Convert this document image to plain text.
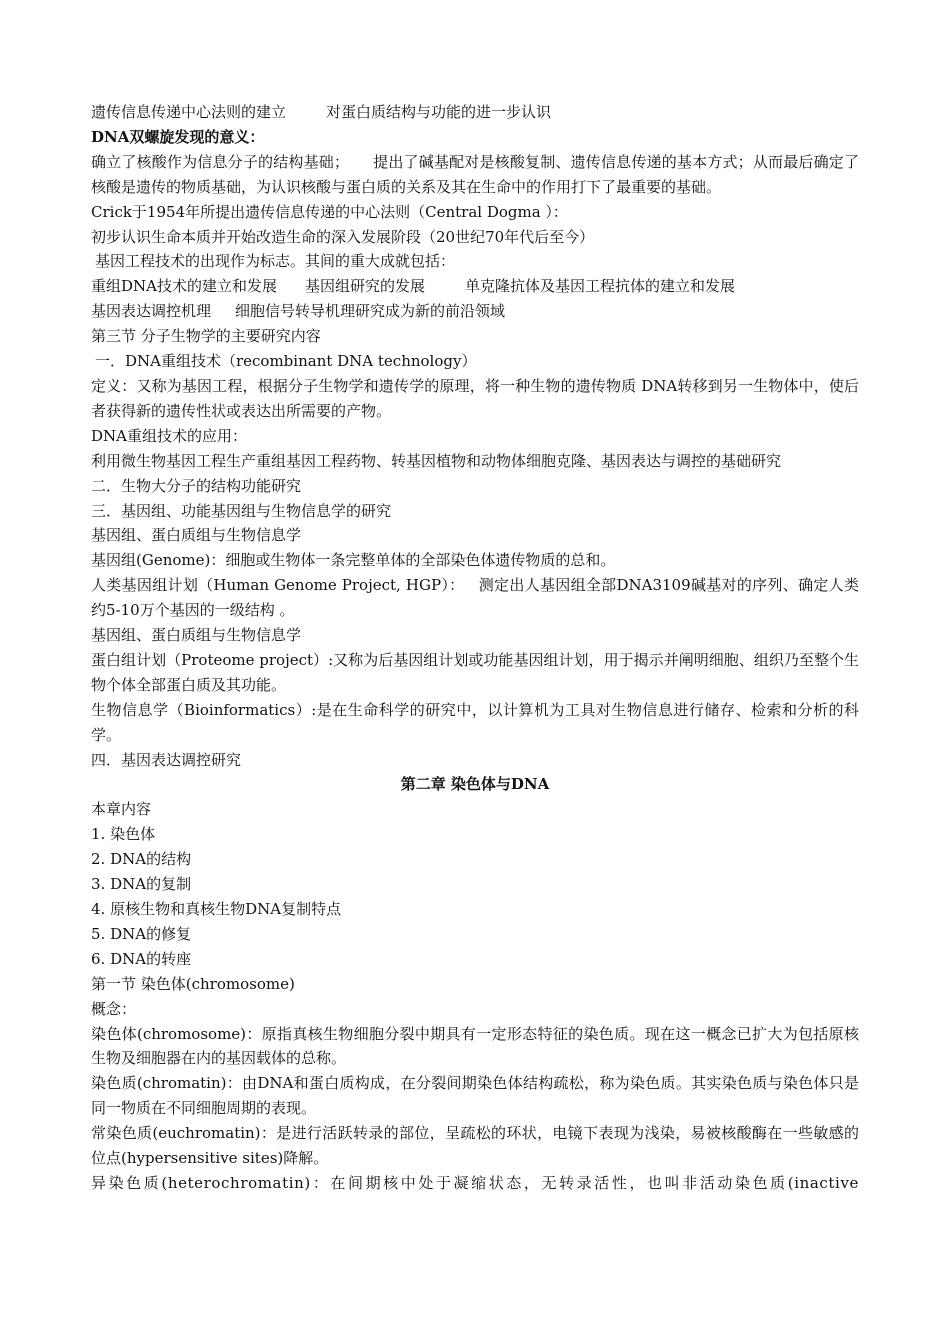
遗传信息传递中心法则的建立	对蛋白质结构与功能的进一步认识

DNA双螺旋发现的意义：

确立了核酸作为信息分子的结构基础； 提出了碱基配对是核酸复制、遗传信息传递的基本方式；从而最后确定了核酸是遗传的物质基础，为认识核酸与蛋白质的关系及其在生命中的作用打下了最重要的基础。

Crick于1954年所提出遗传信息传递的中心法则（Central Dogma ）：

初步认识生命本质并开始改造生命的深入发展阶段（20世纪70年代后至今）

基因工程技术的出现作为标志。其间的重大成就包括：

重组DNA技术的建立和发展 基因组研究的发展	单克隆抗体及基因工程抗体的建立和发展

基因表达调控机理 细胞信号转导机理研究成为新的前沿领域

第三节 分子生物学的主要研究内容

一．DNA重组技术（recombinant DNA technology）

定义：又称为基因工程，根据分子生物学和遗传学的原理，将一种生物的遗传物质 DNA转移到另一生物体中，使后者获得新的遗传性状或表达出所需要的产物。

DNA重组技术的应用：

利用微生物基因工程生产重组基因工程药物、转基因植物和动物体细胞克隆、基因表达与调控的基础研究

二．生物大分子的结构功能研究

三．基因组、功能基因组与生物信息学的研究

基因组、蛋白质组与生物信息学

基因组(Genome)：细胞或生物体一条完整单体的全部染色体遗传物质的总和。

人类基因组计划（Human Genome Project, HGP）： 测定出人基因组全部DNA3109碱基对的序列、确定人类约5-10万个基因的一级结构 。

基因组、蛋白质组与生物信息学

蛋白组计划（Proteome project）:又称为后基因组计划或功能基因组计划，用于揭示并阐明细胞、组织乃至整个生物个体全部蛋白质及其功能。

生物信息学（Bioinformatics）:是在生命科学的研究中，以计算机为工具对生物信息进行储存、检索和分析的科学。

四．基因表达调控研究

第二章 染色体与DNA

本章内容

1. 染色体

2. DNA的结构

3. DNA的复制

4. 原核生物和真核生物DNA复制特点

5. DNA的修复

6. DNA的转座

第一节 染色体(chromosome)

概念：

染色体(chromosome)：原指真核生物细胞分裂中期具有一定形态特征的染色质。现在这一概念已扩大为包括原核生物及细胞器在内的基因载体的总称。

染色质(chromatin)：由DNA和蛋白质构成，在分裂间期染色体结构疏松，称为染色质。其实染色质与染色体只是同一物质在不同细胞周期的表现。

常染色质(euchromatin)：是进行活跃转录的部位，呈疏松的环状，电镜下表现为浅染，易被核酸酶在一些敏感的位点(hypersensitive sites)降解。

异染色质(heterochromatin)：在间期核中处于凝缩状态，无转录活性，也叫非活动染色质(inactive
